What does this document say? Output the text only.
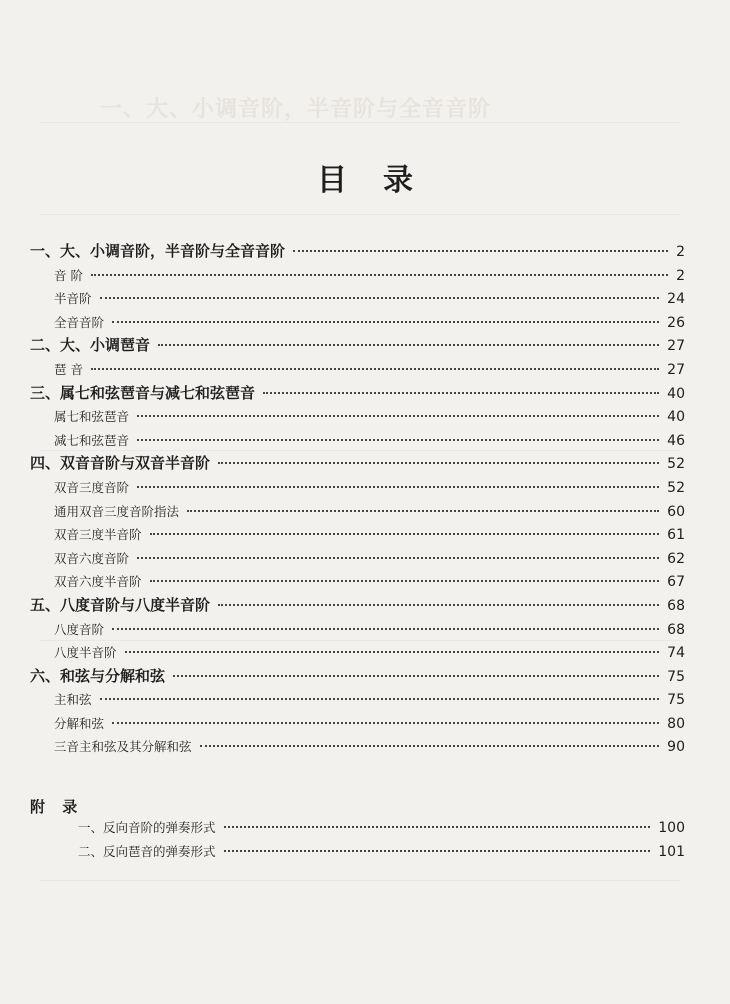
一、大、小调音阶，半音阶与全音音阶
目录
一、大、小调音阶，半音阶与全音音阶	2
音 阶	2
半音阶	24
全音音阶	26
二、大、小调琶音	27
琶 音	27
三、属七和弦琶音与减七和弦琶音	40
属七和弦琶音	40
减七和弦琶音	46
四、双音音阶与双音半音阶	52
双音三度音阶	52
通用双音三度音阶指法	60
双音三度半音阶	61
双音六度音阶	62
双音六度半音阶	67
五、八度音阶与八度半音阶	68
八度音阶	68
八度半音阶	74
六、和弦与分解和弦	75
主和弦	75
分解和弦	80
三音主和弦及其分解和弦	90
附 录
一、反向音阶的弹奏形式	100
二、反向琶音的弹奏形式	101
